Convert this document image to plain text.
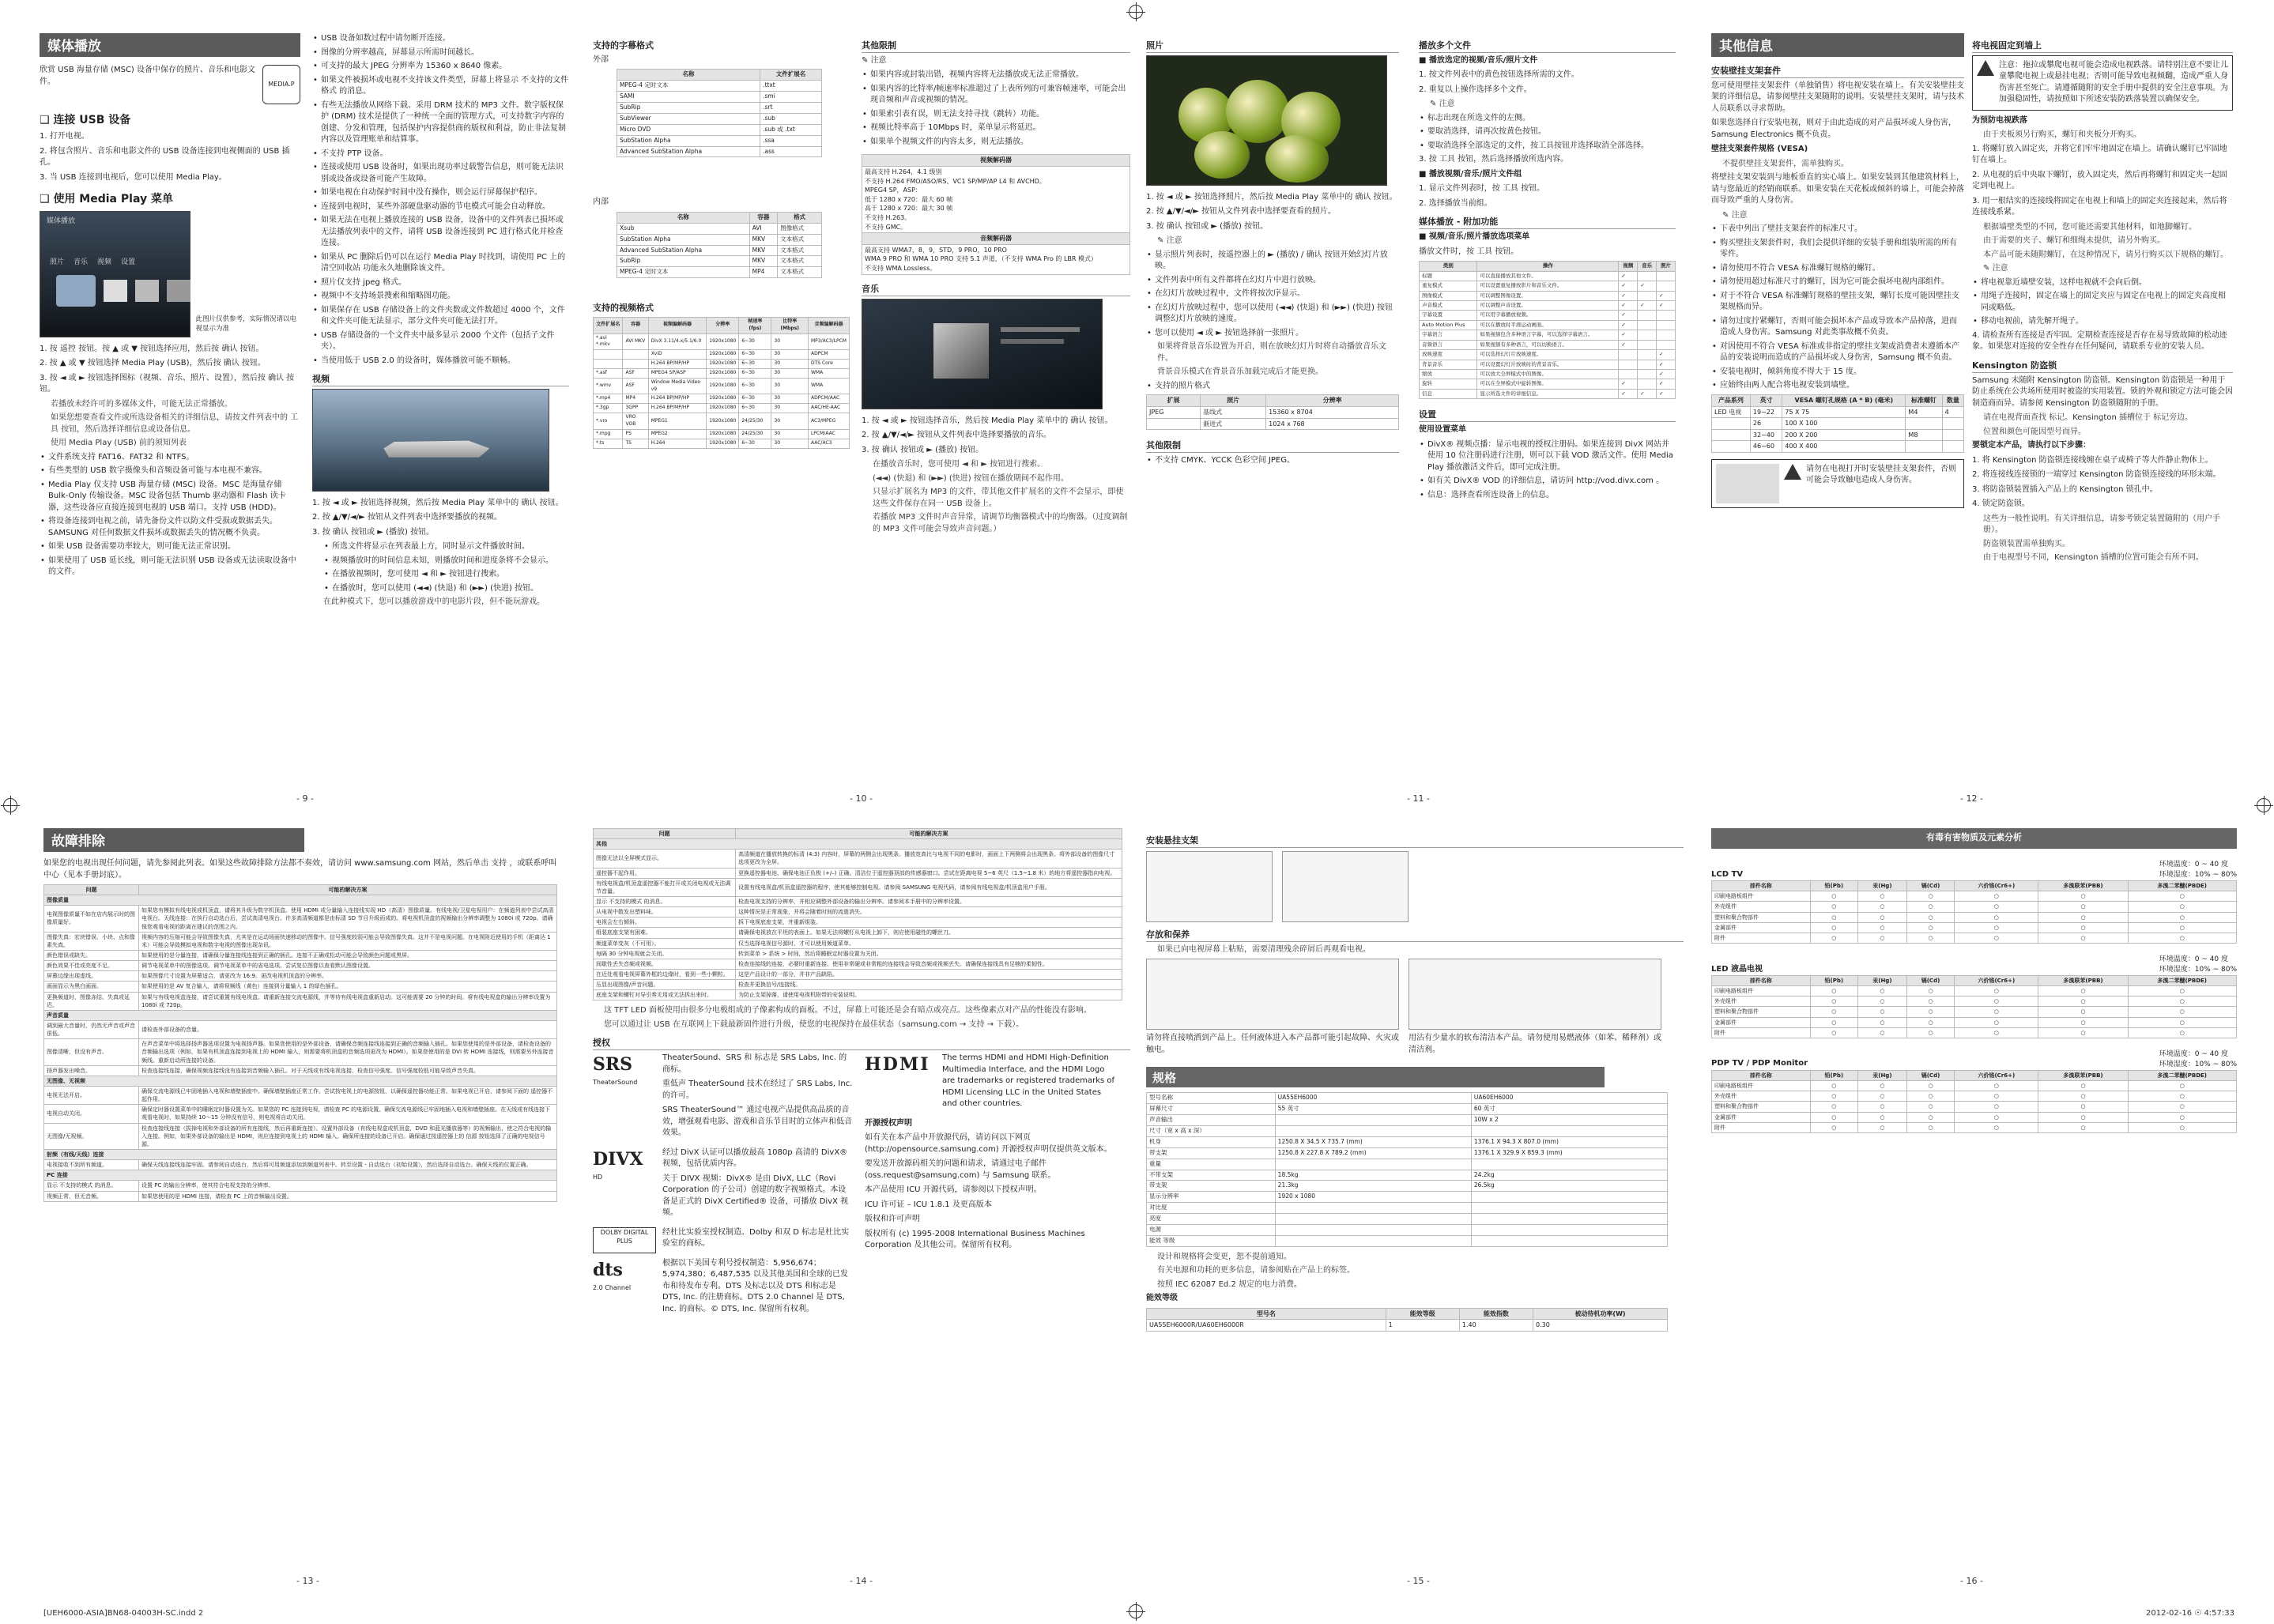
媒体播放
欣赏 USB 海量存储 (MSC) 设备中保存的照片、音乐和电影文件。	MEDIA.P
❑ 连接 USB 设备
1. 打开电视。
2. 将包含照片、音乐和电影文件的 USB 设备连接到电视侧面的 USB 插孔。
3. 当 USB 连接到电视后，您可以使用 Media Play。
❑ 使用 Media Play 菜单
媒体播放
照片 音乐 视频 设置
此图片仅供参考，实际情况请以电视显示为准
1. 按 遥控 按钮。按 ▲ 或 ▼ 按钮选择应用，然后按 确认 按钮。
2. 按 ▲ 或 ▼ 按钮选择 Media Play (USB)，然后按 确认 按钮。
3. 按 ◄ 或 ► 按钮选择图标（视频、音乐、照片、设置），然后按 确认 按钮。
若播放未经许可的多媒体文件，可能无法正常播放。
如果您想要查看文件或所选设备相关的详细信息，请按文件列表中的 工具 按钮，然后选择详细信息或设备信息。
使用 Media Play (USB) 前的须知列表
• 文件系统支持 FAT16、FAT32 和 NTFS。
• 有些类型的 USB 数字摄像头和音频设备可能与本电视不兼容。
• Media Play 仅支持 USB 海量存储 (MSC) 设备。MSC 是海量存储 Bulk-Only 传输设备。MSC 设备包括 Thumb 驱动器和 Flash 读卡器，这些设备应直接连接到电视的 USB 端口。支持 USB (HDD)。
• 将设备连接到电视之前，请先备份文件以防文件受损或数据丢失。SAMSUNG 对任何数据文件损坏或数据丢失的情况概不负责。
• 如果 USB 设备需要功率较大，则可能无法正常识别。
• 如果使用了 USB 延长线，则可能无法识别 USB 设备或无法读取设备中的文件。
• USB 设备如数过程中请勿断开连接。
• 图像的分辨率越高，屏幕显示所需时间越长。
• 可支持的最大 JPEG 分辨率为 15360 x 8640 像素。
• 如果文件被损坏或电视不支持该文件类型，屏幕上将显示 不支持的文件格式 的消息。
• 有些无法播放从网络下载、采用 DRM 技术的 MP3 文件。数字版权保护 (DRM) 技术是提供了一种统一全面的管理方式，可支持数字内容的创建、分发和管理，包括保护内容提供商的版权和利益，防止非法复制内容以及管理账单和结算事。
• 不支持 PTP 设备。
• 连接或使用 USB 设备时，如果出现功率过载警告信息，则可能无法识别或设备或设备可能产生故障。
• 如果电视在自动保护时间中没有操作，则会运行屏幕保护程序。
• 连接到电视时，某些外部硬盘驱动器的节电模式可能会自动释放。
• 如果无法在电视上播放连接的 USB 设备，设备中的文件列表已损坏或无法播放列表中的文件，请将 USB 设备连接到 PC 进行格式化并检查连接。
• 如果从 PC 删除后仍可以在运行 Media Play 时找到，请使用 PC 上的 清空回收站 功能永久地删除该文件。
• 照片仅支持 jpeg 格式。
• 视频中不支持场景搜索和缩略图功能。
• 如果保存在 USB 存储设备上的文件夹数或文件数超过 4000 个，文件和文件夹可能无法显示，部分文件夹可能无法打开。
• USB 存储设备的一个文件夹中最多显示 2000 个文件（包括子文件夹）。
• 当使用低于 USB 2.0 的设备时，媒体播放可能不顺畅。
视频
1. 按 ◄ 或 ► 按钮选择视频，然后按 Media Play 菜单中的 确认 按钮。
2. 按 ▲/▼/◄/► 按钮从文件列表中选择要播放的视频。
3. 按 确认 按钮或 ► (播放) 按钮。
• 所选文件将显示在列表最上方，同时显示文件播放时间。
• 视频播放时的时间信息未知，则播放时间和进度条将不会显示。
• 在播放视频时，您可使用 ◄ 和 ► 按钮进行搜索。
• 在播放时，您可以使用 (◄◄) (快退) 和 (►►) (快进) 按钮。
在此种模式下，您可以播放游戏中的电影片段，但不能玩游戏。
支持的字幕格式
外部
名称	文件扩展名
MPEG-4 定时文本	.ttxt
SAMI	.smi
SubRip	.srt
SubViewer	.sub
Micro DVD	.sub 或 .txt
SubStation Alpha	.ssa
Advanced SubStation Alpha	.ass
内部
名称	容器	格式
Xsub	AVI	图像格式
SubStation Alpha	MKV	文本格式
Advanced SubStation Alpha	MKV	文本格式
SubRip	MKV	文本格式
MPEG-4 定时文本	MP4	文本格式
支持的视频格式
文件扩展名	容器	视频编解码器	分辨率	帧速率 (fps)	比特率 (Mbps)	音频编解码器
*.avi *.mkv	AVI MKV	DivX 3.11/4.x/5.1/6.0	1920x1080	6~30	30	MP3/AC3/LPCM
		XviD	1920x1080	6~30	30	ADPCM
		H.264 BP/MP/HP	1920x1080	6~30	30	DTS Core
*.asf	ASF	MPEG4 SP/ASP	1920x1080	6~30	30	WMA
*.wmv	ASF	Window Media Video v9	1920x1080	6~30	30	WMA
*.mp4	MP4	H.264 BP/MP/HP	1920x1080	6~30	30	ADPCM/AAC
*.3gp	3GPP	H.264 BP/MP/HP	1920x1080	6~30	30	AAC/HE-AAC
*.vro	VRO VOB	MPEG1	1920x1080	24/25/30	30	AC3/MPEG
*.mpg	PS	MPEG2	1920x1080	24/25/30	30	LPCM/AAC
*.ts	TS	H.264	1920x1080	6~30	30	AAC/AC3
其他限制
✎ 注意
• 如果内容或封装出错，视频内容将无法播放或无法正常播放。
• 如果内容的比特率/帧速率标准超过了上表所列的可兼容帧速率，可能会出现音频和声音或视频的情况。
• 如果索引表有误，则无法支持寻找（跳转）功能。
• 视频比特率高于 10Mbps 时，菜单显示将延迟。
• 如果单个视频文件的内容太多，则无法播放。
视频解码器

最高支持 H.264，4.1 级别
不支持 H.264 FMO/ASO/RS、VC1 SP/MP/AP L4 和 AVCHD。
MPEG4 SP，ASP：
低于 1280 x 720：最大 60 帧
高于 1280 x 720：最大 30 帧
不支持 H.263。
不支持 GMC。

音频解码器

最高支持 WMA7，8，9，STD，9 PRO，10 PRO
WMA 9 PRO 和 WMA 10 PRO 支持 5.1 声道，（不支持 WMA Pro 的 LBR 模式）
不支持 WMA Lossless。
音乐
1. 按 ◄ 或 ► 按钮选择音乐，然后按 Media Play 菜单中的 确认 按钮。
2. 按 ▲/▼/◄/► 按钮从文件列表中选择要播放的音乐。
3. 按 确认 按钮或 ► (播放) 按钮。
在播放音乐时，您可使用 ◄ 和 ► 按钮进行搜索。
(◄◄) (快退) 和 (►►) (快进) 按钮在播放期间不起作用。
只显示扩展名为 MP3 的文件，带其他文件扩展名的文件不会显示，即使这些文件保存在同一 USB 设备上。
若播放 MP3 文件时声音异常，请调节均衡器模式中的均衡器。（过度调制的 MP3 文件可能会导致声音问题。）
照片
1. 按 ◄ 或 ► 按钮选择照片，然后按 Media Play 菜单中的 确认 按钮。
2. 按 ▲/▼/◄/► 按钮从文件列表中选择要查看的照片。
3. 按 确认 按钮或 ► (播放) 按钮。
✎ 注意
• 显示照片列表时，按遥控器上的 ► (播放) / 确认 按钮开始幻灯片放映。
• 文件列表中所有文件都将在幻灯片中进行放映。
• 在幻灯片放映过程中，文件将按次序显示。
• 在幻灯片放映过程中，您可以使用 (◄◄) (快退) 和 (►►) (快进) 按钮调整幻灯片放映的速度。
• 您可以使用 ◄ 或 ► 按钮选择前一张照片。
如果将背景音乐设置为开启，则在放映幻灯片时将自动播放音乐文件。
背景音乐模式在背景音乐加载完成后才能更换。
• 支持的照片格式
扩展	照片	分辨率
JPEG	基线式	15360 x 8704
	渐进式	1024 x 768
其他限制
• 不支持 CMYK、YCCK 色彩空间 JPEG。
播放多个文件
■ 播放选定的视频/音乐/照片文件
1. 按文件列表中的黄色按钮选择所需的文件。
2. 重复以上操作选择多个文件。
✎ 注意
• 标志出现在所选文件的左侧。
• 要取消选择，请再次按黄色按钮。
• 要取消选择全部选定的文件，按工具按钮并选择取消全部选择。
3. 按 工具 按钮，然后选择播放所选内容。
■ 播放视频/音乐/照片文件组
1. 显示文件列表时，按 工具 按钮。
2. 选择播放当前组。
媒体播放 - 附加功能
■ 视频/音乐/照片播放选项菜单
播放文件时，按 工具 按钮。
类别	操作	视频	音乐	照片
标题	可以直接播放其他文件。	✓		
重复模式	可以设置重复播放影片和音乐文件。	✓	✓	
图像模式	可以调整图像设置。	✓		✓
声音模式	可以调整声音设置。	✓	✓	✓
字幕设置	可以用字幕播放视频。	✓		
Auto Motion Plus	可以在播放时平滑运动画面。	✓		
字幕语言	如果视频包含多种语言字幕，可以选择字幕语言。	✓		
音频语言	如果视频有多种语言，可以切换语言。	✓		
放映速度	可以选择幻灯片放映速度。			✓
背景音乐	可以设置幻灯片放映时的背景音乐。			✓
缩放	可以放大全屏模式中的图像。			✓
旋转	可以在全屏模式中旋转图像。	✓		✓
信息	显示所选文件的详细信息。	✓	✓	✓
设置
使用设置菜单
• DivX® 视频点播：显示电视的授权注册码。如果连接到 DivX 网站并使用 10 位注册码进行注册，则可以下载 VOD 激活文件。使用 Media Play 播放激活文件后，即可完成注册。
• 如有关 DivX® VOD 的详细信息，请访问 http://vod.divx.com 。
• 信息：选择查看所连设备上的信息。
其他信息
安装壁挂支架套件
您可使用壁挂支架套件（单独销售）将电视安装在墙上。有关安装壁挂支架的详细信息，请参阅壁挂支架随附的说明。安装壁挂支架时，请与技术人员联系以寻求帮助。
如果您选择自行安装电视，则对于由此造成的对产品损坏或人身伤害，Samsung Electronics 概不负责。
壁挂支架套件规格 (VESA)
不提供壁挂支架套件，需单独购买。
将壁挂支架安装到与地板垂直的实心墙上。如果安装到其他建筑材料上，请与您最近的经销商联系。如果安装在天花板或倾斜的墙上，可能会掉落而导致严重的人身伤害。
✎ 注意
• 下表中列出了壁挂支架套件的标准尺寸。
• 购买壁挂支架套件时，我们会提供详细的安装手册和组装所需的所有零件。
• 请勿使用不符合 VESA 标准螺钉规格的螺钉。
• 请勿使用超过标准尺寸的螺钉，因为它可能会损坏电视内部组件。
• 对于不符合 VESA 标准螺钉规格的壁挂支架，螺钉长度可能因壁挂支架规格而异。
• 请勿过度拧紧螺钉，否则可能会损坏本产品或导致本产品掉落，进而造成人身伤害。Samsung 对此类事故概不负责。
• 对因使用不符合 VESA 标准或非指定的壁挂支架或消费者未遵循本产品的安装说明而造成的产品损坏或人身伤害，Samsung 概不负责。
• 安装电视时，倾斜角度不得大于 15 度。
• 应始终由两人配合将电视安装到墙壁。
产品系列	英寸	VESA 螺钉孔规格 (A * B) (毫米)	标准螺钉	数量
LED 电视	19~22	75 X 75	M4	4
	26	100 X 100		
	32~40	200 X 200	M8	
	46~60	400 X 400		
请勿在电视打开时安装壁挂支架套件，否则可能会导致触电造成人身伤害。
将电视固定到墙上
注意：拖拉或攀爬电视可能会造成电视跌落。请特别注意不要让儿童攀爬电视上或悬挂电视；否则可能导致电视倾翻，造成严重人身伤害甚至死亡。请遵循随附的安全手册中提供的安全注意事项。为加强稳固性，请按照如下所述安装防跌落装置以确保安全。
为预防电视跌落
由于夹板须另行购买，螺钉和夹板分开购买。
1. 将螺钉放入固定夹，并将它们牢牢地固定在墙上。请确认螺钉已牢固地钉在墙上。
2. 从电视的后中央取下螺钉，放入固定夹，然后再将螺钉和固定夹一起固定到电视上。
3. 用一根结实的连接线将固定在电视上和墙上的固定夹连接起来，然后将连接线系紧。
根据墙壁类型的不同，您可能还需要其他材料，如地脚螺钉。
由于需要的夹子、螺钉和细绳未提供，请另外购买。
本产品可能未随附螺钉，在这种情况下，请另行购买以下规格的螺钉。
✎ 注意
• 将电视靠近墙壁安装，这样电视就不会向后倒。
• 用绳子连接时，固定在墙上的固定夹应与固定在电视上的固定夹高度相同或略低。
• 移动电视前，请先解开绳子。
4. 请检查所有连接是否牢固。定期检查连接是否存在易导致故障的松动迹象。如果您对连接的安全性存在任何疑问，请联系专业的安装人员。
Kensington 防盗锁
Samsung 未随附 Kensington 防盗锁。Kensington 防盗锁是一种用于防止系统在公共场所使用时被盗的实用装置。锁的外观和锁定方法可能会因制造商而异。请参阅 Kensington 防盗锁随附的手册。
请在电视背面查找 标记。Kensington 插槽位于 标记旁边。
位置和颜色可能因型号而异。
要锁定本产品，请执行以下步骤：
1. 将 Kensington 防盗锁连接线缠在桌子或椅子等大件静止物体上。
2. 将连接线连接锁的一端穿过 Kensington 防盗锁连接线的环形末端。
3. 将防盗锁装置插入产品上的 Kensington 锁孔中。
4. 锁定防盗锁。
这些为一般性说明。有关详细信息，请参考锁定装置随附的（用户手册）。
防盗锁装置需单独购买。
由于电视型号不同，Kensington 插槽的位置可能会有所不同。
- 9 -	- 10 -	- 11 -	- 12 -
故障排除
如果您的电视出现任何问题，请先参阅此列表。如果这些故障排除方法都不奏效，请访问 www.samsung.com 网站，然后单击 支持 ，或联系呼叫中心（见本手册封底）。
问题	可能的解决方案
图像质量	
电视图像质量不如在店内展示时的图像质量好。	如果您有模拟有线电视或机顶盒，请将其升级为数字机顶盒。使用 HDMI 或分量输入连接线实现 HD（高清）图像质量。有线电视/卫星电视用户：在频道列表中尝试高清电视台。天线连接：在执行自动选台后，尝试高清电视台。许多高清频道都是由标清 SD 节目升级而成的。将电视机顶盒的视频输出分辨率调整为 1080i 或 720p。请确保您观看电视的距离在建议的范围之内。
图像失真：宏块错误、小块、点和像素失真。	视频内容的压缩可能会导致图像失真，尤其是在运动场面快速移动的图像中。信号强度较弱可能会导致图像失真。这并不是电视问题。在电视附近使用的手机（距离达 1 米）可能会导致模拟电视和数字电视的图像出现杂讯。
颜色错误或缺失。	如果使用的是分量连接，请确保分量连接线连接到正确的插孔。连接不正确或松动可能会导致颜色问题或黑屏。
颜色效果不佳或亮度不足。	调节电视菜单中的图像选项。调节电视菜单中的省电选项。尝试复位图像以查看默认图像设置。
屏幕边缘出现虚线。	如果图像尺寸设置为屏幕适合，请更改为 16:9。更改电视机顶盒的分辨率。
画面显示为黑白画面。	如果使用的是 AV 复合输入，请将视频线（黄色）连接到分量输入 1 的绿色插孔。
更换频道时，图像冻结、失真或延迟。	如果与有线电视盒连接，请尝试重置有线电视盒。请重新连接交流电源线，并等待有线电视盒重新启动。这可能需要 20 分钟的时间。将有线电视盒的输出分辨率设置为 1080i 或 720p。
声音质量	
调到最大音量时，仍然无声音或声音很低。	请检查外部设备的音量。
图像清晰，但没有声音。	在声音菜单中将选择扬声器选项设置为电视扬声器。如果您使用的是外部设备，请确保音频连接线连接到正确的音频输入插孔。如果您使用的是外部设备，请检查设备的音频输出选项（例如，如果有机顶盒连接到电视上的 HDMI 输入，则需要将机顶盒的音频选项更改为 HDMI）。如果您使用的是 DVI 转 HDMI 连接线，则需要另外连接音频线。重新启动所连接的设备。
扬声器发出噪音。	检查连接线连接，确保视频连接线没有连接到音频输入插孔。对于天线或有线电视连接，检查信号强度。信号强度较低可能导致声音失真。
无图像、无视频	
电视无法开启。	确保交流电源线已牢固地插入电视和墙壁插座中。确保墙壁插座正常工作。尝试按电视上的电源按钮，以确保遥控器功能正常。如果电视已开启，请参阅下面的 遥控器不起作用。
电视自动关闭。	确保定时器设置菜单中的睡眠定时器设置为关。如果您的 PC 连接到电视，请检查 PC 的电源设置。确保交流电源线已牢固地插入电视和墙壁插座。在天线或有线连接下观看电视时，如果持续 10～15 分钟没有信号，则电视将自动关闭。
无图像/无视频。	检查连接线连接（拔掉电视和外部设备的所有连接线，然后再重新连接）。设置外部设备（有线电视盒或机顶盒，DVD 和蓝光播放器等）的视频输出，使之符合电视的输入连接。例如，如果外部设备的输出是 HDMI，则应连接到电视上的 HDMI 输入。确保所连接的设备已开启。确保通过按遥控器上的 信源 按钮选择了正确的电视信号源。
射频（有线/天线）连接	
电视接收不到所有频道。	确保天线连接线连接牢固。请参阅自动选台，然后将可用频道添加到频道列表中。转至设置 - 自动选台（初始设置），然后选择自动选台。确保天线的位置正确。
PC 连接	
显示 不支持的模式 的消息。	设置 PC 的输出分辨率，使其符合电视支持的分辨率。
视频正常，但无音频。	如果您使用的是 HDMI 连接，请检查 PC 上的音频输出设置。
问题	可能的解决方案
其他	
图像无法以全屏模式显示。	高清频道在播放转换的标清 (4:3) 内容时，屏幕的两侧会出现黑条。播放宽高比与电视不同的电影时，画面上下两侧将会出现黑条。将外部设备的图像尺寸选项更改为全屏。
遥控器不起作用。	更换遥控器电池，确保电池正负极 (+/–) 正确。清洁位于遥控器顶部的传感器窗口。尝试在距离电视 5~6 英尺（1.5~1.8 米）的地方将遥控器指向电视。
有线电视盒/机顶盒遥控器不能打开或关闭电视或无法调节音量。	设置有线电视盒/机顶盒遥控器的程序，使其能够控制电视。请参阅 SAMSUNG 电视代码，请参阅有线电视盒/机顶盒用户手册。
显示 不支持的模式 的消息。	检查电视支持的分辨率，并相应调整外部设备的输出分辨率。请参阅本手册中的分辨率设置。
从电视中散发出塑料味。	这种情况是正常现象，并将会随着时间的流逝消失。
电视会左右倾斜。	拆下电视底座支架，并重新组装。
组装底座支架有困难。	请确保电视放在平坦的表面上。如果无法将螺钉从电视上卸下，则应使用磁性的螺丝刀。
频道菜单变灰（不可用）。	仅当选择电视信号源时，才可以使用频道菜单。
每隔 30 分钟电视就会关闭。	转到菜单 > 系统 > 时间，然后将睡眠定时器设置为关闭。
间歇性丢失音频或视频。	检查连接线的连接，必要时重新连接。使用非常硬或非常粗的连接线会导致音频或视频丢失。请确保连接线具有足够的柔韧性。
在近处观看电视屏幕外框的边缘时，看到一些小颗粒。	这是产品设计的一部分，并非产品缺陷。
压显出现图像/声音问题。	检查并更换信号/连接线。
底座支架和螺钉对导引奏无用或无法拆出来时。	为防止支架掉落，请使用电视机附带的安装说明。
这 TFT LED 面板使用由很多分电极组成的子像素构成的面板。不过，屏幕上可能还是会有暗点或亮点。这些像素点对产品的性能没有影响。
您可以通过让 USB 在互联网上下载最新固件进行升级，使您的电视保持在最佳状态（samsung.com → 支持 → 下载）。
授权
SRS
TheaterSound
TheaterSound、SRS 和 标志是 SRS Labs, Inc. 的商标。
重低声 TheaterSound 技术在经过了 SRS Labs, Inc. 的许可。
SRS TheaterSound™ 通过电视产品提供高品质的音效，增强观看电影、游戏和音乐节目时的立体声和低音效果。
DIVX
HD
经过 DivX 认证可以播放最高 1080p 高清的 DivX® 视频，包括优质内容。
关于 DIVX 视频：DivX® 是由 DivX, LLC（Rovi Corporation 的子公司）创建的数字视频格式。本设备是正式的 DivX Certified® 设备，可播放 DivX 视频。
DOLBY DIGITAL PLUS
经杜比实验室授权制造。Dolby 和双 D 标志是杜比实验室的商标。
dts
2.0 Channel
根据以下美国专利号授权制造：5,956,674；5,974,380；6,487,535 以及其他美国和全球的已发布和待发布专利。DTS 及标志以及 DTS 和标志是 DTS, Inc. 的注册商标。DTS 2.0 Channel 是 DTS, Inc. 的商标。© DTS, Inc. 保留所有权利。
HDMI	The terms HDMI and HDMI High-Definition Multimedia Interface, and the HDMI Logo are trademarks or registered trademarks of HDMI Licensing LLC in the United States and other countries.
开源授权声明
如有关在本产品中开放源代码，请访问以下网页 (http://opensource.samsung.com) 开源授权声明仅提供英文版本。
要发送开放源码相关的问题和请求，请通过电子邮件 (oss.request@samsung.com) 与 Samsung 联系。
本产品使用 ICU 开源代码，请参阅以下授权声明。
ICU 许可证 – ICU 1.8.1 及更高版本
版权和许可声明
版权所有 (c) 1995-2008 International Business Machines Corporation 及其他公司。保留所有权利。
安装悬挂支架
存放和保养
如果已向电视屏幕上粘贴，需要清理残余碎屑后再观看电视。
请勿将直接喷洒到产品上。任何液体进入本产品都可能引起故障、火灾或触电。
用沾有少量水的软布清洁本产品。请勿使用易燃液体（如苯、稀释剂）或清洁剂。
规格
型号名称	UA55EH6000	UA60EH6000
屏幕尺寸	55 英寸	60 英寸
声音输出		10W x 2
尺寸（宽 x 高 x 深）		
机身	1250.8 X 34.5 X 735.7 (mm)	1376.1 X 94.3 X 807.0 (mm)
带支架	1250.8 X 227.8 X 789.2 (mm)	1376.1 X 329.9 X 859.3 (mm)
重量		
不带支架	18.5kg	24.2kg
带支架	21.3kg	26.5kg
显示分辨率	1920 x 1080	
对比度		
亮度		
电源		
能效 等级		
设计和规格将会变更，恕不提前通知。
有关电源和功耗的更多信息，请参阅贴在产品上的标签。
按照 IEC 62087 Ed.2 规定的电力消费。
能效等级
型号名	能效等级	能效指数	被动待机功率(W)
UA55EH6000R/UA60EH6000R	1	1.40	0.30
有毒有害物质及元素分析
LCD TV
环境温度：0 ~ 40 度
环境湿度：10% ~ 80%
部件名称	铅(Pb)	汞(Hg)	镉(Cd)	六价铬(Cr6+)	多溴联苯(PBB)	多溴二苯醚(PBDE)
印刷电路板组件	○	○	○	○	○	○
外壳组件	○	○	○	○	○	○
塑料和聚合物部件	○	○	○	○	○	○
金属部件	○	○	○	○	○	○
附件	○	○	○	○	○	○
LED 液晶电视
环境温度：0 ~ 40 度
环境湿度：10% ~ 80%
部件名称	铅(Pb)	汞(Hg)	镉(Cd)	六价铬(Cr6+)	多溴联苯(PBB)	多溴二苯醚(PBDE)
印刷电路板组件	○	○	○	○	○	○
外壳组件	○	○	○	○	○	○
塑料和聚合物部件	○	○	○	○	○	○
金属部件	○	○	○	○	○	○
附件	○	○	○	○	○	○
PDP TV / PDP Monitor
环境温度：0 ~ 40 度
环境湿度：10% ~ 80%
部件名称	铅(Pb)	汞(Hg)	镉(Cd)	六价铬(Cr6+)	多溴联苯(PBB)	多溴二苯醚(PBDE)
印刷电路板组件	○	○	○	○	○	○
外壳组件	○	○	○	○	○	○
塑料和聚合物部件	○	○	○	○	○	○
金属部件	○	○	○	○	○	○
附件	○	○	○	○	○	○
- 13 -	- 14 -	- 15 -	- 16 -
[UEH6000-ASIA]BN68-04003H-SC.indd 2	2012-02-16 ☉ 4:57:33
